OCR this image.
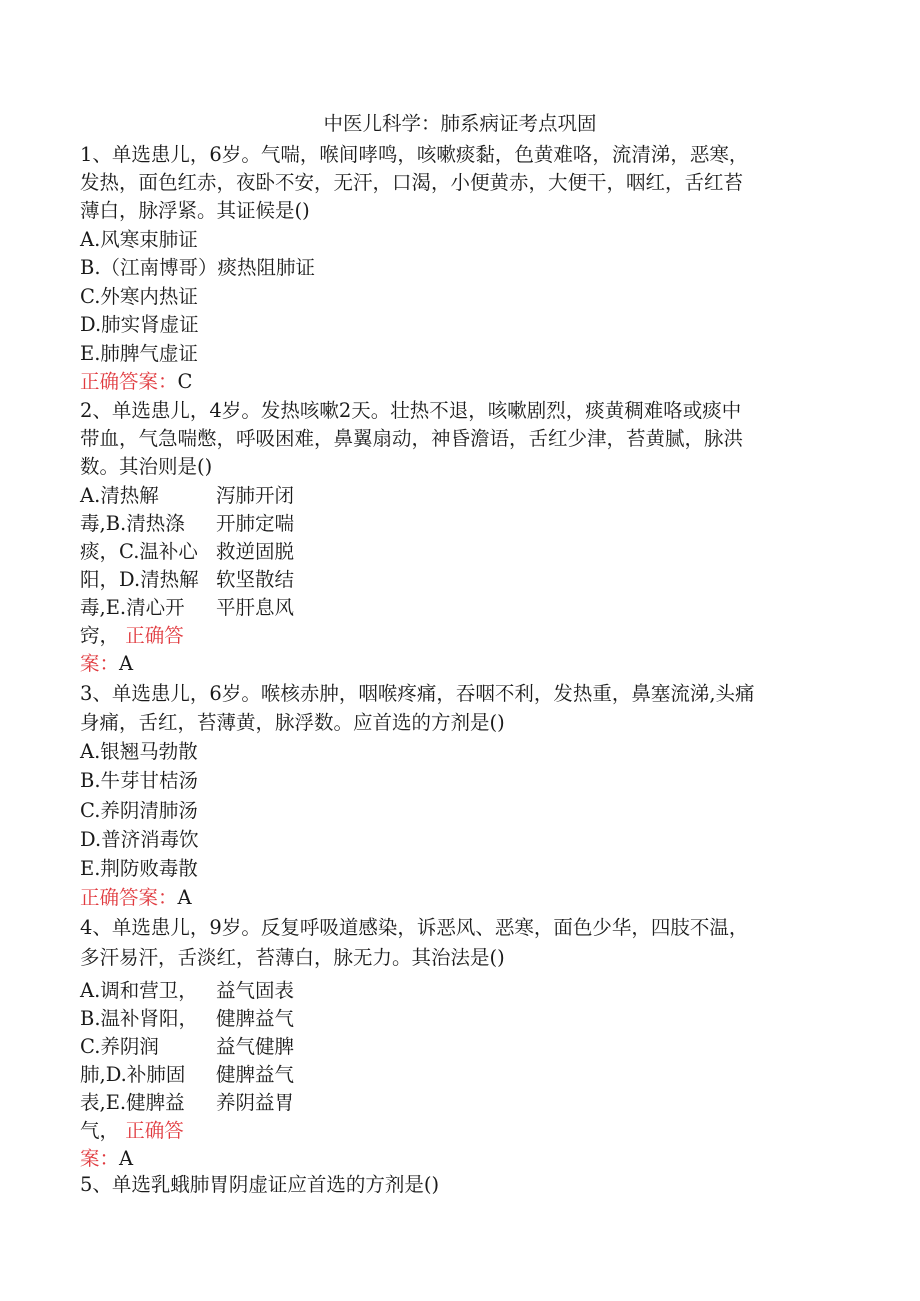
中医儿科学：肺系病证考点巩固
1、单选患儿，6岁。气喘，喉间哮鸣，咳嗽痰黏，色黄难咯，流清涕，恶寒，
发热，面色红赤，夜卧不安，无汗，口渴，小便黄赤，大便干，咽红，舌红苔
薄白，脉浮紧。其证候是()
A.风寒束肺证
B.（江南博哥）痰热阻肺证
C.外寒内热证
D.肺实肾虚证
E.肺脾气虚证
正确答案：C
2、单选患儿，4岁。发热咳嗽2天。壮热不退，咳嗽剧烈，痰黄稠难咯或痰中
带血，气急喘憋，呼吸困难，鼻翼扇动，神昏澹语，舌红少津，苔黄腻，脉洪
数。其治则是()
A.清热解
毒,B.清热涤
痰，C.温补心
阳，D.清热解
毒,E.清心开
窍， 正确答
案：A
泻肺开闭
开肺定喘
救逆固脱
软坚散结
平肝息风
3、单选患儿，6岁。喉核赤肿，咽喉疼痛，吞咽不利，发热重，鼻塞流涕,头痛
身痛，舌红，苔薄黄，脉浮数。应首选的方剂是()
A.银翘马勃散
B.牛芽甘桔汤
C.养阴清肺汤
D.普济消毒饮
E.荆防败毒散
正确答案：A
4、单选患儿，9岁。反复呼吸道感染，诉恶风、恶寒，面色少华，四肢不温，
多汗易汗，舌淡红，苔薄白，脉无力。其治法是()
A.调和营卫，
B.温补肾阳，
C.养阴润
肺,D.补肺固
表,E.健脾益
气， 正确答
案：A
益气固表
健脾益气
益气健脾
健脾益气
养阴益胃
5、单选乳蛾肺胃阴虚证应首选的方剂是()
